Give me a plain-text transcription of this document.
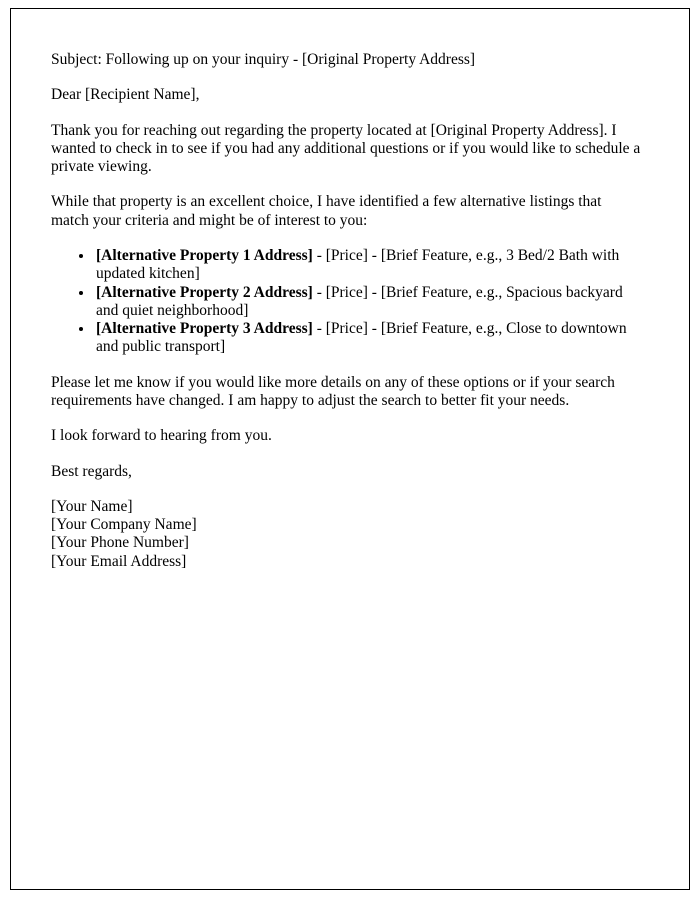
Subject: Following up on your inquiry - [Original Property Address]

Dear [Recipient Name],

Thank you for reaching out regarding the property located at [Original Property Address]. I wanted to check in to see if you had any additional questions or if you would like to schedule a private viewing.

While that property is an excellent choice, I have identified a few alternative listings that match your criteria and might be of interest to you:

• [Alternative Property 1 Address] - [Price] - [Brief Feature, e.g., 3 Bed/2 Bath with updated kitchen]
• [Alternative Property 2 Address] - [Price] - [Brief Feature, e.g., Spacious backyard and quiet neighborhood]
• [Alternative Property 3 Address] - [Price] - [Brief Feature, e.g., Close to downtown and public transport]

Please let me know if you would like more details on any of these options or if your search requirements have changed. I am happy to adjust the search to better fit your needs.

I look forward to hearing from you.

Best regards,

[Your Name]

[Your Company Name]

[Your Phone Number]

[Your Email Address]
